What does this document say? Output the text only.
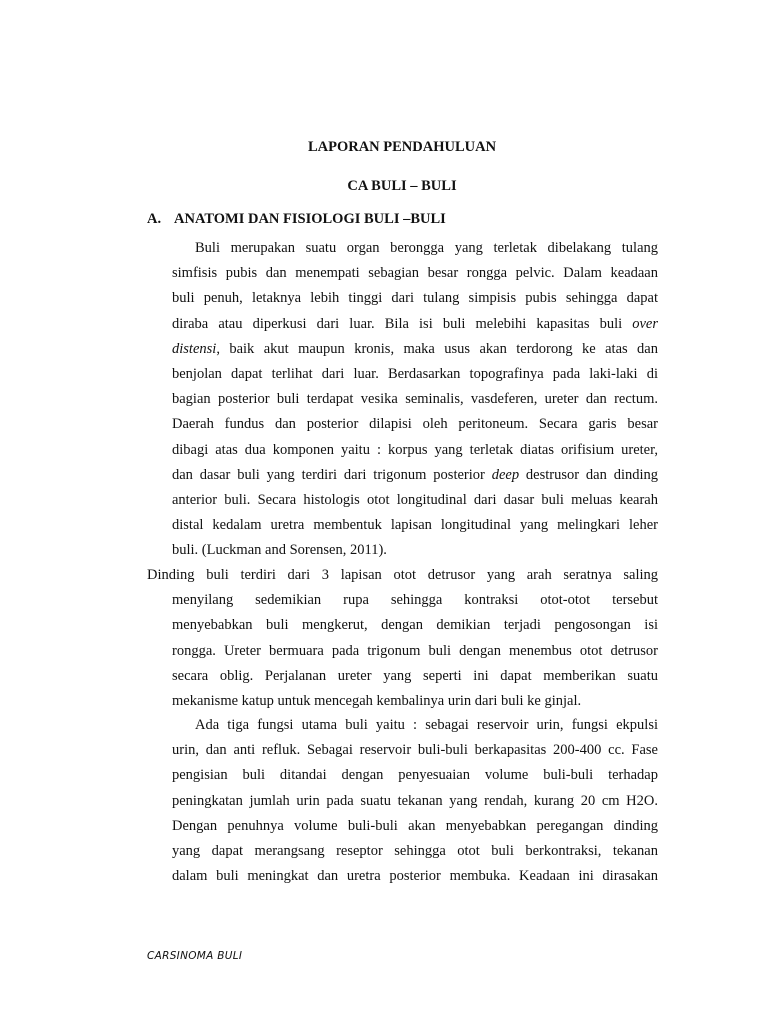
LAPORAN PENDAHULUAN
CA BULI – BULI
A. ANATOMI DAN FISIOLOGI BULI –BULI
Buli merupakan suatu organ berongga yang terletak dibelakang tulang
simfisis pubis dan menempati sebagian besar rongga pelvic. Dalam keadaan
buli penuh, letaknya lebih tinggi dari tulang simpisis pubis sehingga dapat
diraba atau diperkusi dari luar. Bila isi buli melebihi kapasitas buli over
distensi, baik akut maupun kronis, maka usus akan terdorong ke atas dan
benjolan dapat terlihat dari luar. Berdasarkan topografinya pada laki-laki di
bagian posterior buli terdapat vesika seminalis, vasdeferen, ureter dan rectum.
Daerah fundus dan posterior dilapisi oleh peritoneum. Secara garis besar
dibagi atas dua komponen yaitu : korpus yang terletak diatas orifisium ureter,
dan dasar buli yang terdiri dari trigonum posterior deep destrusor dan dinding
anterior buli. Secara histologis otot longitudinal dari dasar buli meluas kearah
distal kedalam uretra membentuk lapisan longitudinal yang melingkari leher
buli. (Luckman and Sorensen, 2011).
Dinding buli terdiri dari 3 lapisan otot detrusor yang arah seratnya saling
menyilang sedemikian rupa sehingga kontraksi otot-otot tersebut
menyebabkan buli mengkerut, dengan demikian terjadi pengosongan isi
rongga. Ureter bermuara pada trigonum buli dengan menembus otot detrusor
secara oblig. Perjalanan ureter yang seperti ini dapat memberikan suatu
mekanisme katup untuk mencegah kembalinya urin dari buli ke ginjal.
Ada tiga fungsi utama buli yaitu : sebagai reservoir urin, fungsi ekpulsi
urin, dan anti refluk. Sebagai reservoir buli-buli berkapasitas 200-400 cc. Fase
pengisian buli ditandai dengan penyesuaian volume buli-buli terhadap
peningkatan jumlah urin pada suatu tekanan yang rendah, kurang 20 cm H2O.
Dengan penuhnya volume buli-buli akan menyebabkan peregangan dinding
yang dapat merangsang reseptor sehingga otot buli berkontraksi, tekanan
dalam buli meningkat dan uretra posterior membuka. Keadaan ini dirasakan
CARSINOMA BULI
